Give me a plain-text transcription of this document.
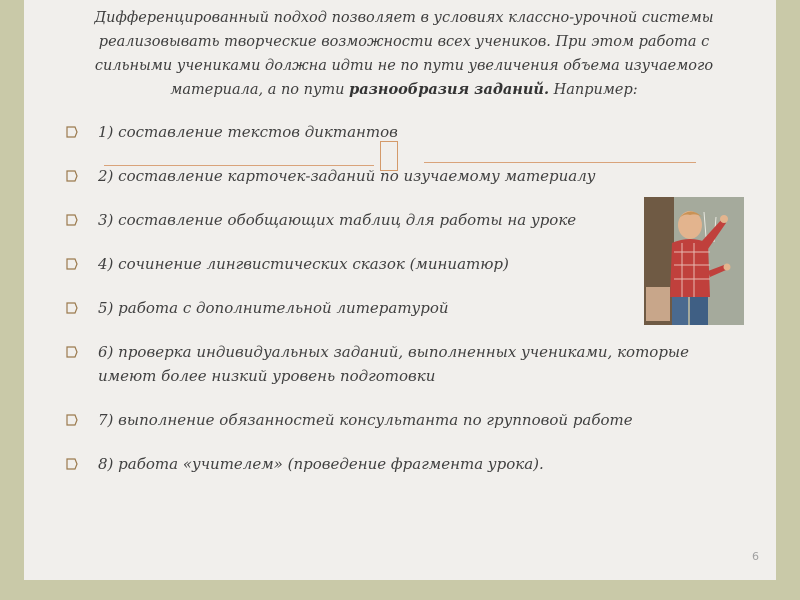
Дифференцированный подход позволяет в условиях классно-урочной системы реализовывать творческие возможности всех учеников. При этом работа с сильными учениками должна идти не по пути увеличения объема изучаемого материала, а по пути разнообразия заданий. Например:
1) составление текстов диктантов
2) составление карточек-заданий по изучаемому материалу
3) составление обобщающих таблиц для работы на уроке
4) сочинение лингвистических сказок (миниатюр)
5) работа с дополнительной литературой
6) проверка индивидуальных заданий, выполненных учениками, которые имеют более низкий уровень подготовки
7) выполнение обязанностей консультанта по групповой работе
8) работа «учителем» (проведение фрагмента урока).
6
